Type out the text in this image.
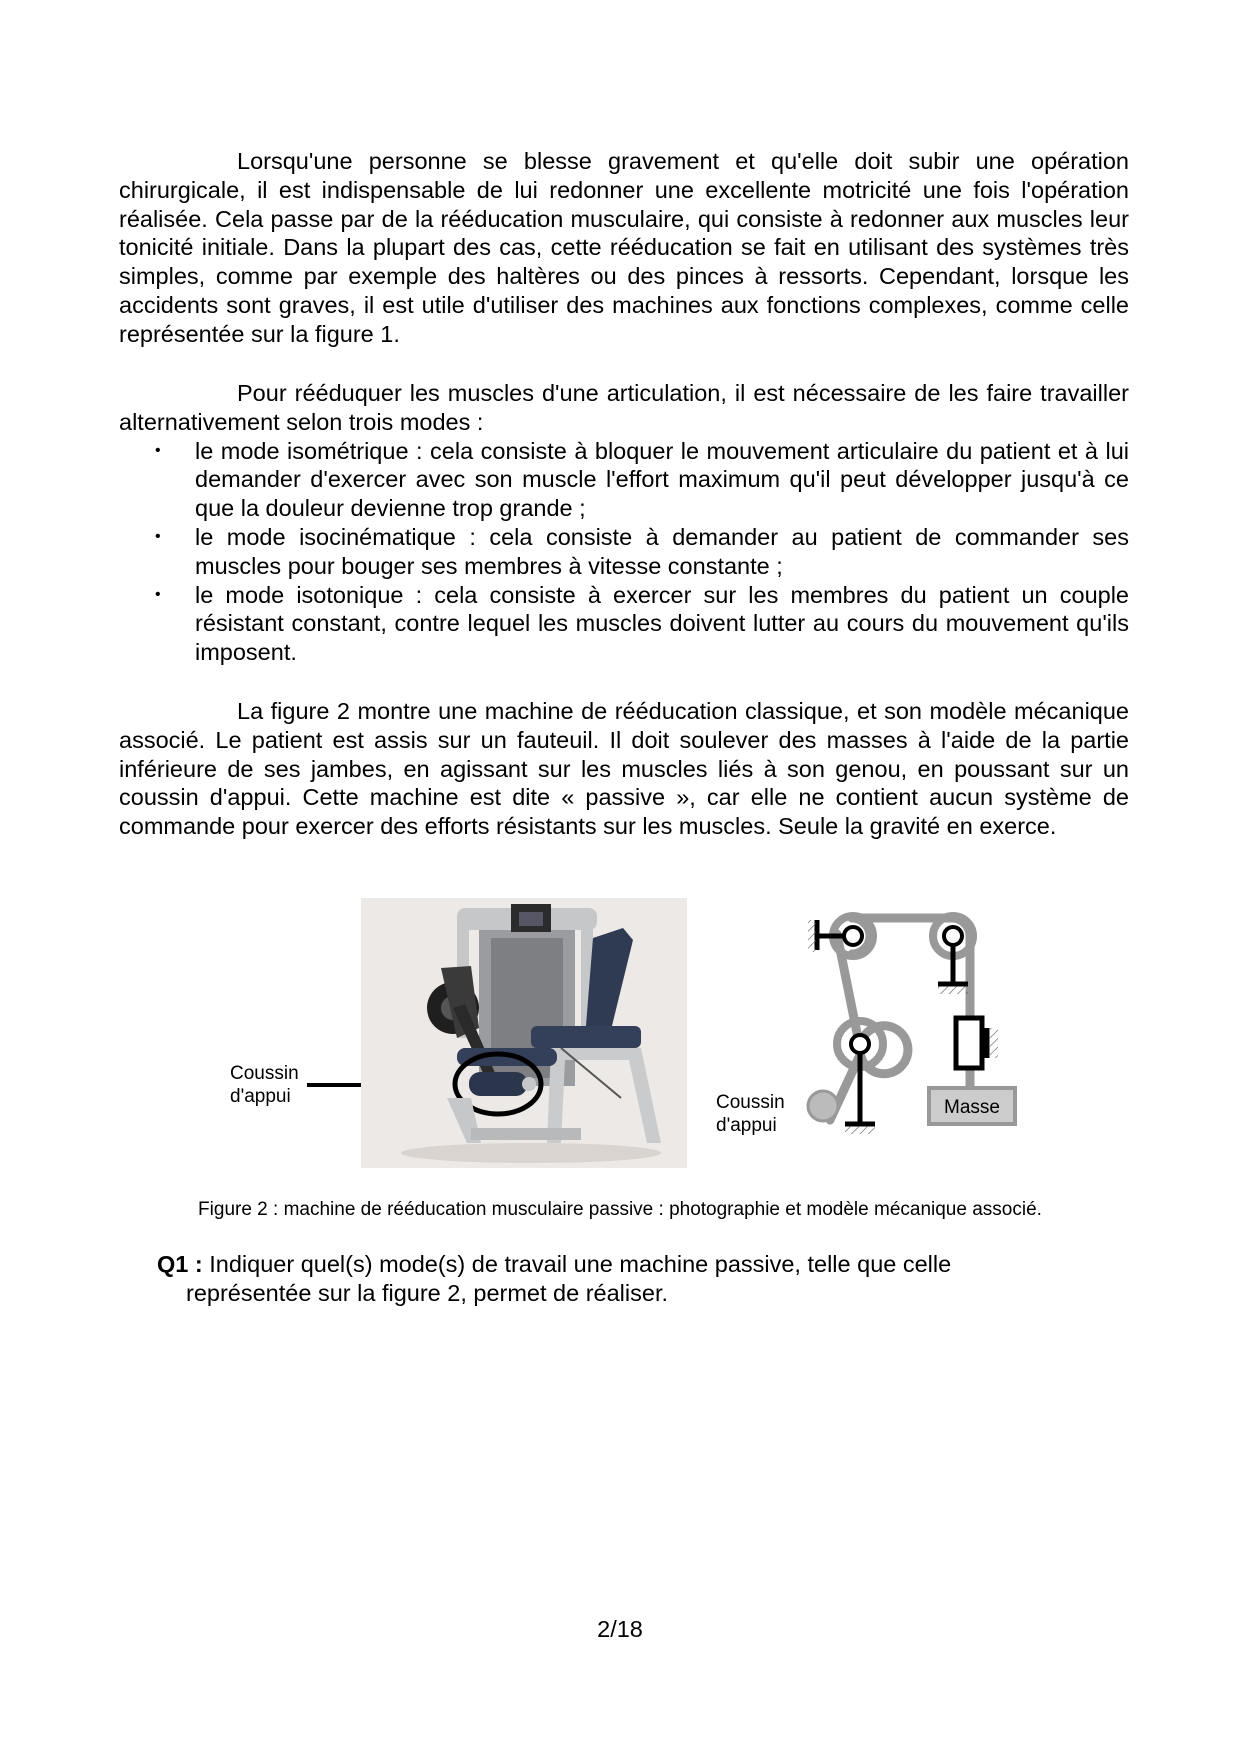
Lorsqu'une personne se blesse gravement et qu'elle doit subir une opération chirurgicale, il est indispensable de lui redonner une excellente motricité une fois l'opération réalisée. Cela passe par de la rééducation musculaire, qui consiste à redonner aux muscles leur tonicité initiale. Dans la plupart des cas, cette rééducation se fait en utilisant des systèmes très simples, comme par exemple des haltères ou des pinces à ressorts. Cependant, lorsque les accidents sont graves, il est utile d'utiliser des machines aux fonctions complexes, comme celle représentée sur la figure 1.

Pour rééduquer les muscles d'une articulation, il est nécessaire de les faire travailler alternativement selon trois modes :

• le mode isométrique : cela consiste à bloquer le mouvement articulaire du patient et à lui demander d'exercer avec son muscle l'effort maximum qu'il peut développer jusqu'à ce que la douleur devienne trop grande ;
• le mode isocinématique : cela consiste à demander au patient de commander ses muscles pour bouger ses membres à vitesse constante ;
• le mode isotonique : cela consiste à exercer sur les membres du patient un couple résistant constant, contre lequel les muscles doivent lutter au cours du mouvement qu'ils imposent.

La figure 2 montre une machine de rééducation classique, et son modèle mécanique associé. Le patient est assis sur un fauteuil. Il doit soulever des masses à l'aide de la partie inférieure de ses jambes, en agissant sur les muscles liés à son genou, en poussant sur un coussin d'appui. Cette machine est dite « passive », car elle ne contient aucun système de commande pour exercer des efforts résistants sur les muscles. Seule la gravité en exerce.

Coussin
d'appui	Coussin
d'appui
Masse
Figure 2 : machine de rééducation musculaire passive : photographie et modèle mécanique associé.
Q1 : Indiquer quel(s) mode(s) de travail une machine passive, telle que celle
représentée sur la figure 2, permet de réaliser.
2/18
